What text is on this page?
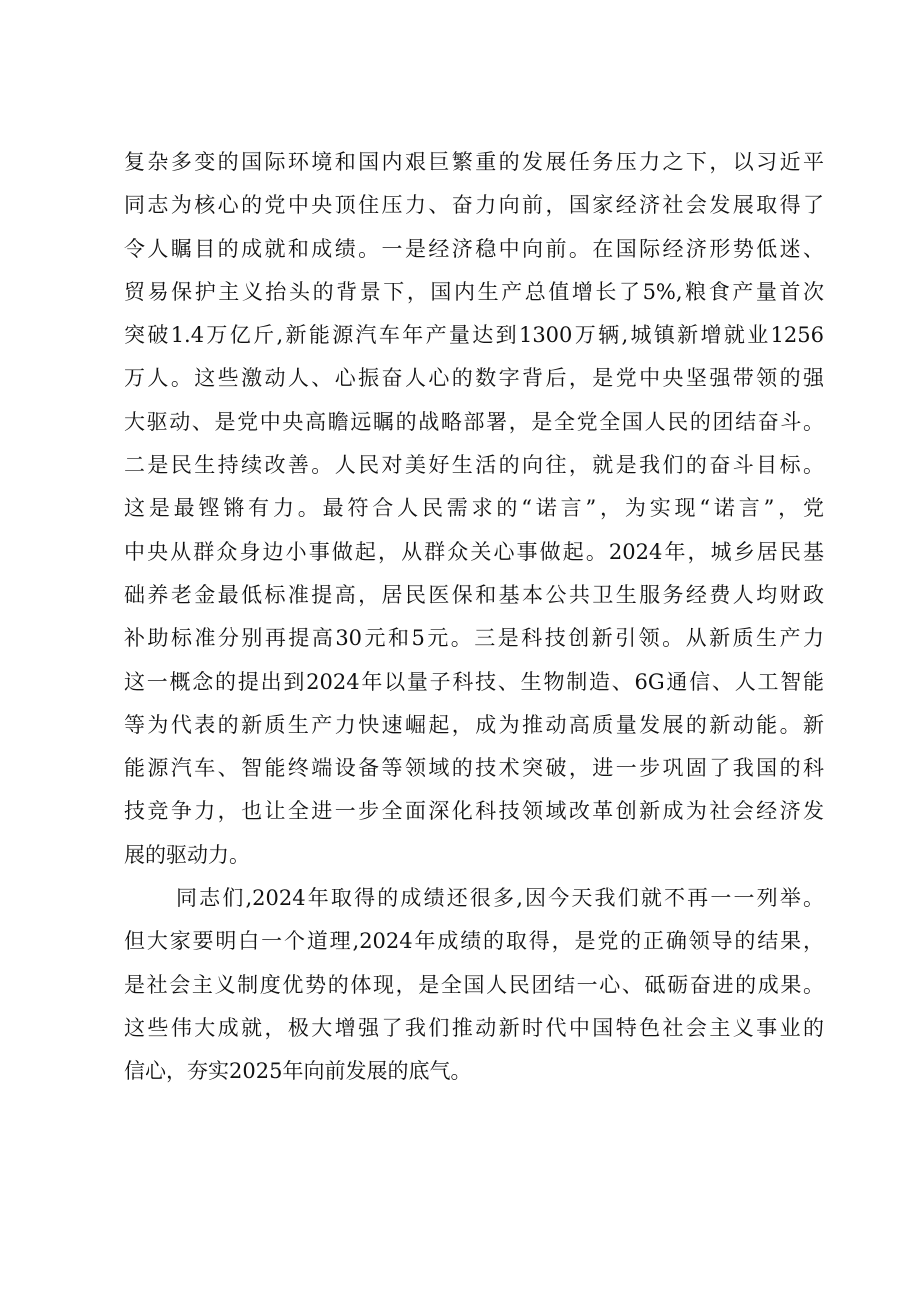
复杂多变的国际环境和国内艰巨繁重的发展任务压力之下，以习近平
同志为核心的党中央顶住压力、奋力向前，国家经济社会发展取得了
令人瞩目的成就和成绩。一是经济稳中向前。在国际经济形势低迷、
贸易保护主义抬头的背景下，国内生产总值增长了5%,粮食产量首次
突破1.4万亿斤,新能源汽车年产量达到1300万辆,城镇新增就业1256
万人。这些激动人、心振奋人心的数字背后，是党中央坚强带领的强
大驱动、是党中央高瞻远瞩的战略部署，是全党全国人民的团结奋斗。
二是民生持续改善。人民对美好生活的向往，就是我们的奋斗目标。
这是最铿锵有力。最符合人民需求的“诺言”，为实现“诺言”，党
中央从群众身边小事做起，从群众关心事做起。2024年，城乡居民基
础养老金最低标准提高，居民医保和基本公共卫生服务经费人均财政
补助标准分别再提高30元和5元。三是科技创新引领。从新质生产力
这一概念的提出到2024年以量子科技、生物制造、6G通信、人工智能
等为代表的新质生产力快速崛起，成为推动高质量发展的新动能。新
能源汽车、智能终端设备等领域的技术突破，进一步巩固了我国的科
技竞争力，也让全进一步全面深化科技领域改革创新成为社会经济发
展的驱动力。
同志们,2024年取得的成绩还很多,因今天我们就不再一一列举。
但大家要明白一个道理,2024年成绩的取得，是党的正确领导的结果，
是社会主义制度优势的体现，是全国人民团结一心、砥砺奋进的成果。
这些伟大成就，极大增强了我们推动新时代中国特色社会主义事业的
信心，夯实2025年向前发展的底气。
